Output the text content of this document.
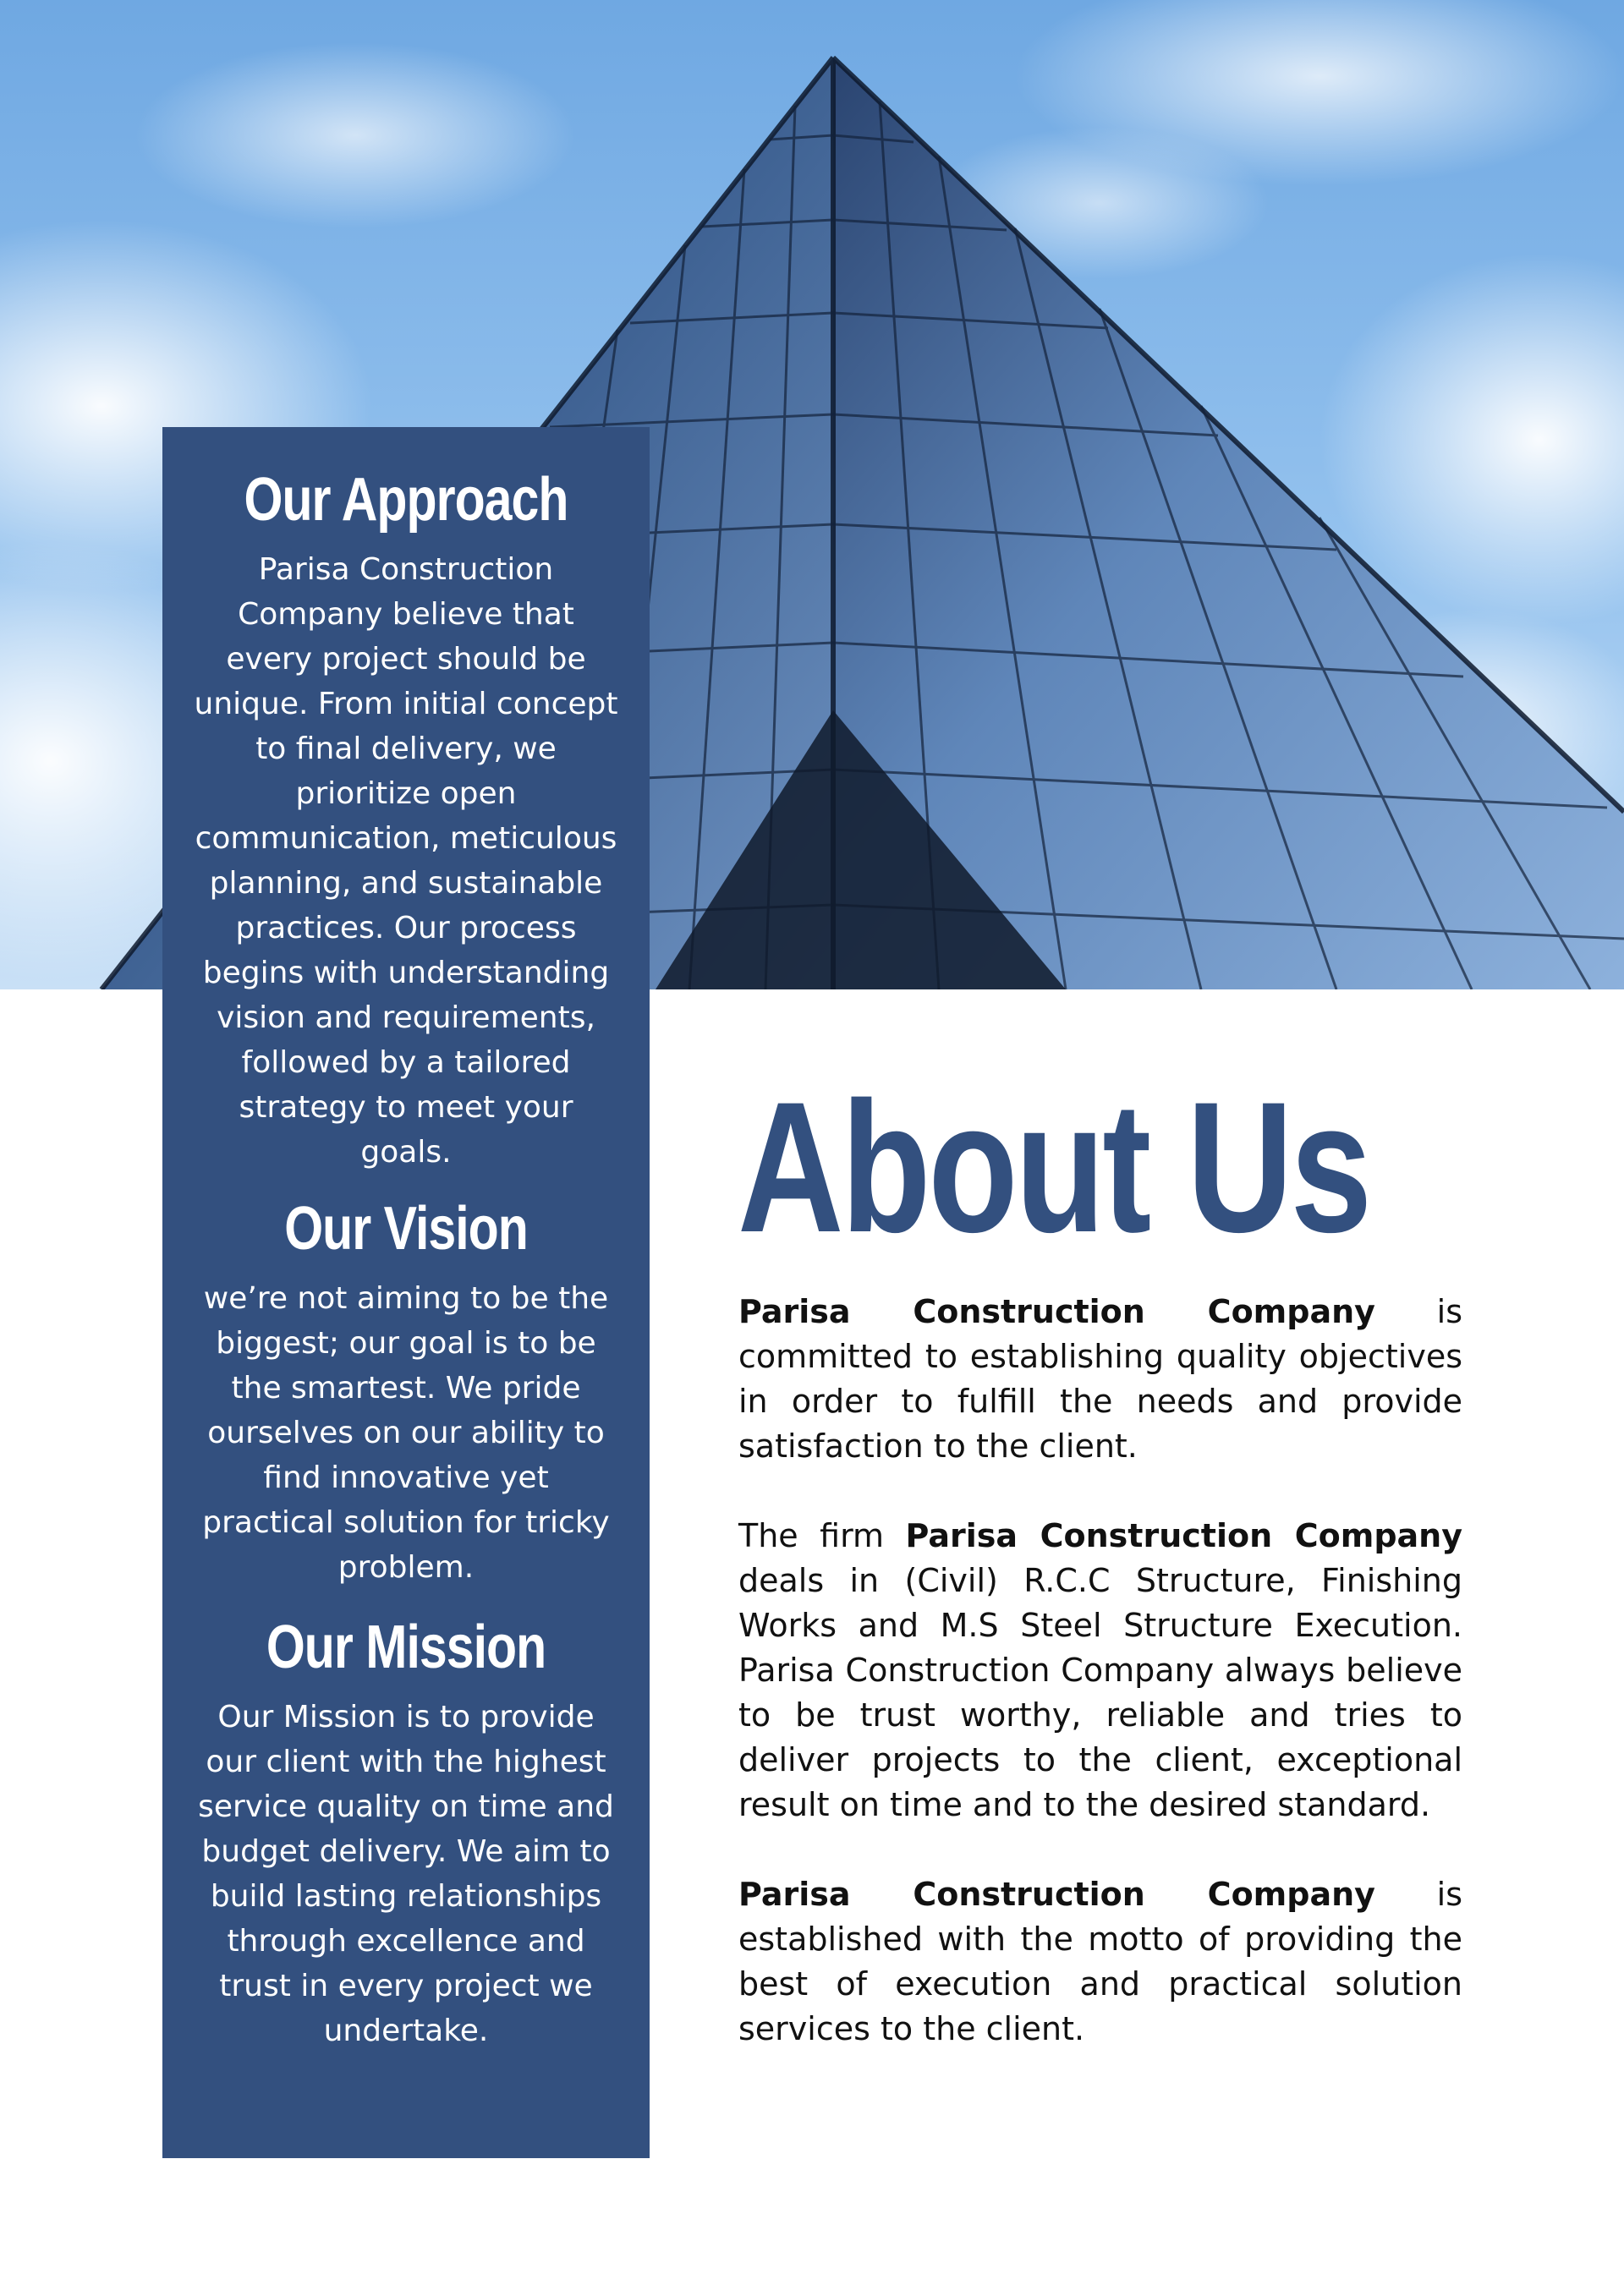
Our Approach

Parisa Construction Company believe that every project should be unique. From initial concept to final delivery, we prioritize open communication, meticulous planning, and sustainable practices. Our process begins with understanding vision and requirements, followed by a tailored strategy to meet your goals.

Our Vision

we’re not aiming to be the biggest; our goal is to be the smartest. We pride ourselves on our ability to find innovative yet practical solution for tricky problem.

Our Mission

Our Mission is to provide our client with the highest service quality on time and budget delivery. We aim to build lasting relationships through excellence and trust in every project we undertake.

About Us

Parisa Construction Company is committed to establishing quality objectives in order to fulfill the needs and provide satisfaction to the client.

The firm Parisa Construction Company deals in (Civil) R.C.C Structure, Finishing Works and M.S Steel Structure Execution. Parisa Construction Company always believe to be trust worthy, reliable and tries to deliver projects to the client, exceptional result on time and to the desired standard.

Parisa Construction Company is established with the motto of providing the best of execution and practical solution services to the client.
